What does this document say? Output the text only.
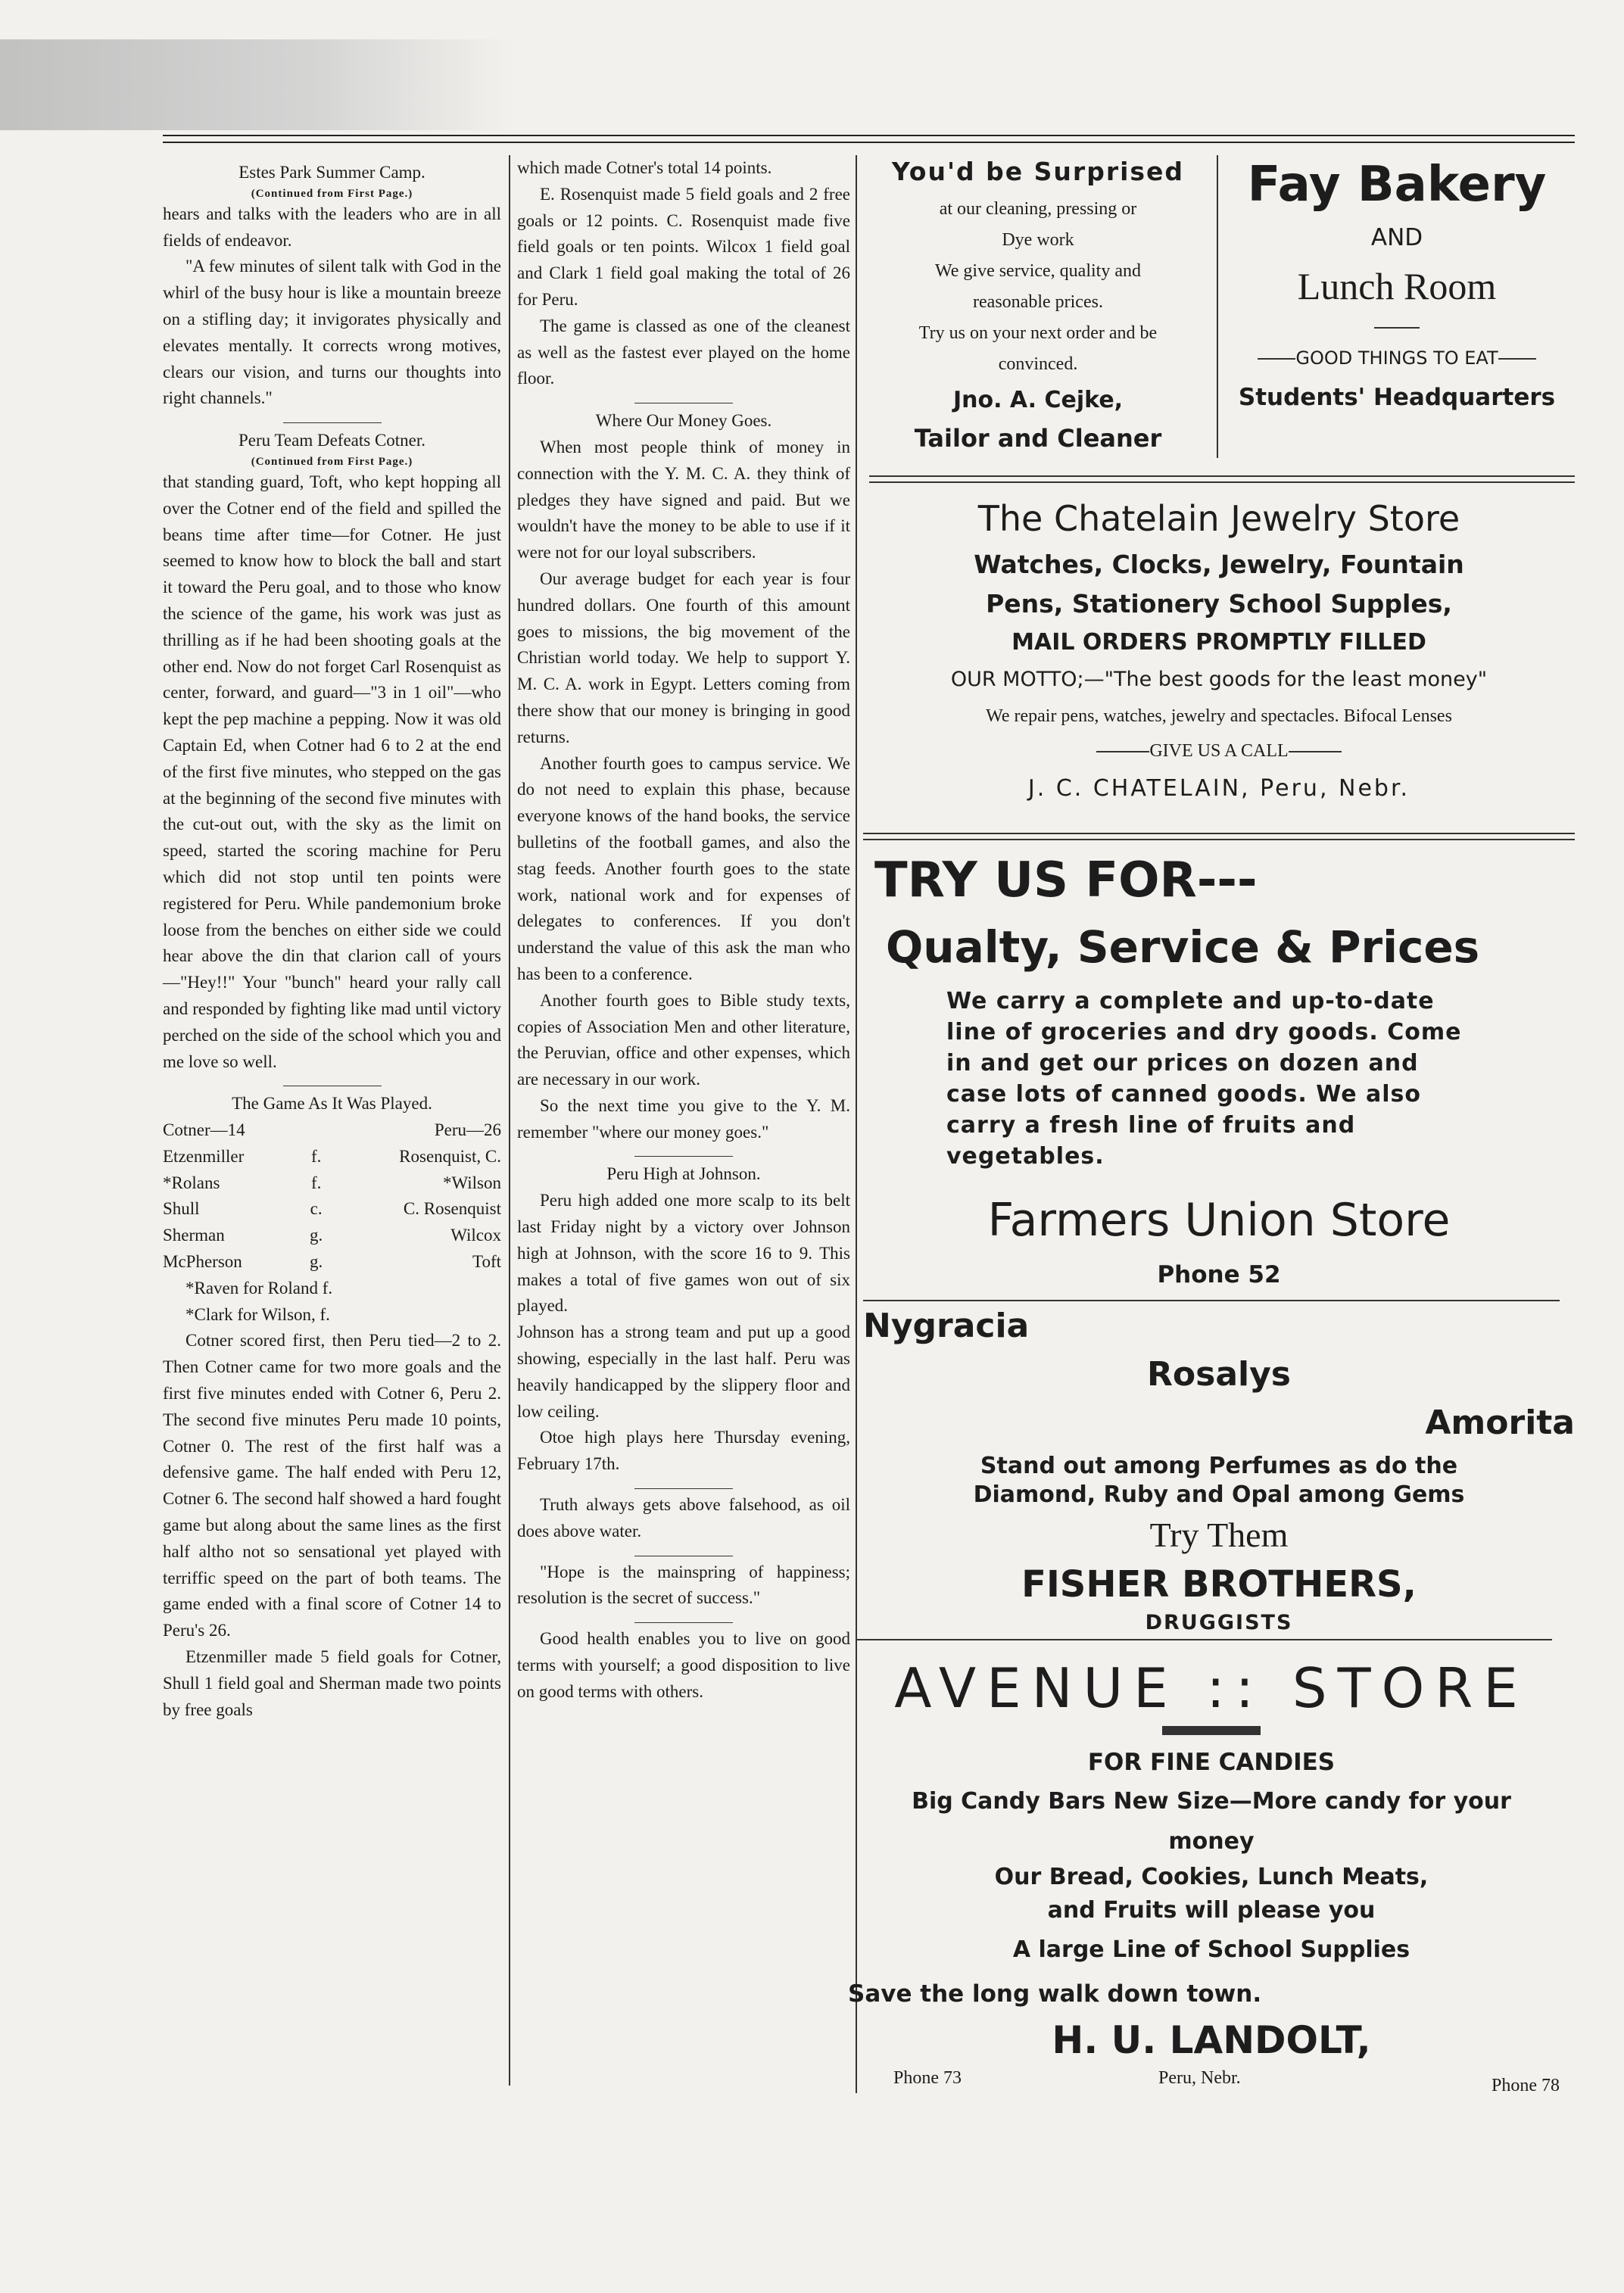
Estes Park Summer Camp.

(Continued from First Page.)

hears and talks with the leaders who are in all fields of endeavor.

"A few minutes of silent talk with God in the whirl of the busy hour is like a mountain breeze on a stifling day; it invigorates physically and elevates mentally. It corrects wrong motives, clears our vision, and turns our thoughts into right channels."

Peru Team Defeats Cotner.

(Continued from First Page.)

that standing guard, Toft, who kept hopping all over the Cotner end of the field and spilled the beans time after time—for Cotner. He just seemed to know how to block the ball and start it toward the Peru goal, and to those who know the science of the game, his work was just as thrilling as if he had been shooting goals at the other end. Now do not forget Carl Rosenquist as center, forward, and guard—"3 in 1 oil"—who kept the pep machine a pepping. Now it was old Captain Ed, when Cotner had 6 to 2 at the end of the first five minutes, who stepped on the gas at the beginning of the second five minutes with the cut-out out, with the sky as the limit on speed, started the scoring machine for Peru which did not stop until ten points were registered for Peru. While pandemonium broke loose from the benches on either side we could hear above the din that clarion call of yours—"Hey!!" Your "bunch" heard your rally call and responded by fighting like mad until victory perched on the side of the school which you and me love so well.

The Game As It Was Played.

Cotner—14		Peru—26
Etzenmiller	f.	Rosenquist, C.
*Rolans	f.	*Wilson
Shull	c.	C. Rosenquist
Sherman	g.	Wilcox
McPherson	g.	Toft

*Raven for Roland f.

*Clark for Wilson, f.

Cotner scored first, then Peru tied—2 to 2. Then Cotner came for two more goals and the first five minutes ended with Cotner 6, Peru 2. The second five minutes Peru made 10 points, Cotner 0. The rest of the first half was a defensive game. The half ended with Peru 12, Cotner 6. The second half showed a hard fought game but along about the same lines as the first half altho not so sensational yet played with terriffic speed on the part of both teams. The game ended with a final score of Cotner 14 to Peru's 26.

Etzenmiller made 5 field goals for Cotner, Shull 1 field goal and Sherman made two points by free goals

which made Cotner's total 14 points.

E. Rosenquist made 5 field goals and 2 free goals or 12 points. C. Rosenquist made five field goals or ten points. Wilcox 1 field goal and Clark 1 field goal making the total of 26 for Peru.

The game is classed as one of the cleanest as well as the fastest ever played on the home floor.

Where Our Money Goes.

When most people think of money in connection with the Y. M. C. A. they think of pledges they have signed and paid. But we wouldn't have the money to be able to use if it were not for our loyal subscribers.

Our average budget for each year is four hundred dollars. One fourth of this amount goes to missions, the big movement of the Christian world today. We help to support Y. M. C. A. work in Egypt. Letters coming from there show that our money is bringing in good returns.

Another fourth goes to campus service. We do not need to explain this phase, because everyone knows of the hand books, the service bulletins of the football games, and also the stag feeds. Another fourth goes to the state work, national work and for expenses of delegates to conferences. If you don't understand the value of this ask the man who has been to a conference.

Another fourth goes to Bible study texts, copies of Association Men and other literature, the Peruvian, office and other expenses, which are necessary in our work.

So the next time you give to the Y. M. remember "where our money goes."

Peru High at Johnson.

Peru high added one more scalp to its belt last Friday night by a victory over Johnson high at Johnson, with the score 16 to 9. This makes a total of five games won out of six played.

Johnson has a strong team and put up a good showing, especially in the last half. Peru was heavily handicapped by the slippery floor and low ceiling.

Otoe high plays here Thursday evening, February 17th.

Truth always gets above falsehood, as oil does above water.

"Hope is the mainspring of happiness; resolution is the secret of success."

Good health enables you to live on good terms with yourself; a good disposition to live on good terms with others.

You'd be Surprised
at our cleaning, pressing or
Dye work
We give service, quality and
reasonable prices.
Try us on your next order and be
convinced.
Jno. A. Cejke,
Tailor and Cleaner
Fay Bakery
AND
Lunch Room
GOOD THINGS TO EAT
Students' Headquarters
The Chatelain Jewelry Store
Watches, Clocks, Jewelry, Fountain
Pens, Stationery School Supples,
MAIL ORDERS PROMPTLY FILLED
OUR MOTTO;—"The best goods for the least money"
We repair pens, watches, jewelry and spectacles. Bifocal Lenses
GIVE US A CALL
J. C. CHATELAIN, Peru, Nebr.
TRY US FOR---
Qualty, Service & Prices
We carry a complete and up-to-date
line of groceries and dry goods. Come
in and get our prices on dozen and
case lots of canned goods. We also
carry a fresh line of fruits and
vegetables.
Farmers Union Store
Phone 52
Nygracia
Rosalys
Amorita
Stand out among Perfumes as do the
Diamond, Ruby and Opal among Gems
Try Them
FISHER BROTHERS,
DRUGGISTS
AVENUE :: STORE
FOR FINE CANDIES
Big Candy Bars New Size—More candy for your
money
Our Bread, Cookies, Lunch Meats,
and Fruits will please you
A large Line of School Supplies
Save the long walk down town.
H. U. LANDOLT,
Phone 73	Peru, Nebr.	Phone 78
